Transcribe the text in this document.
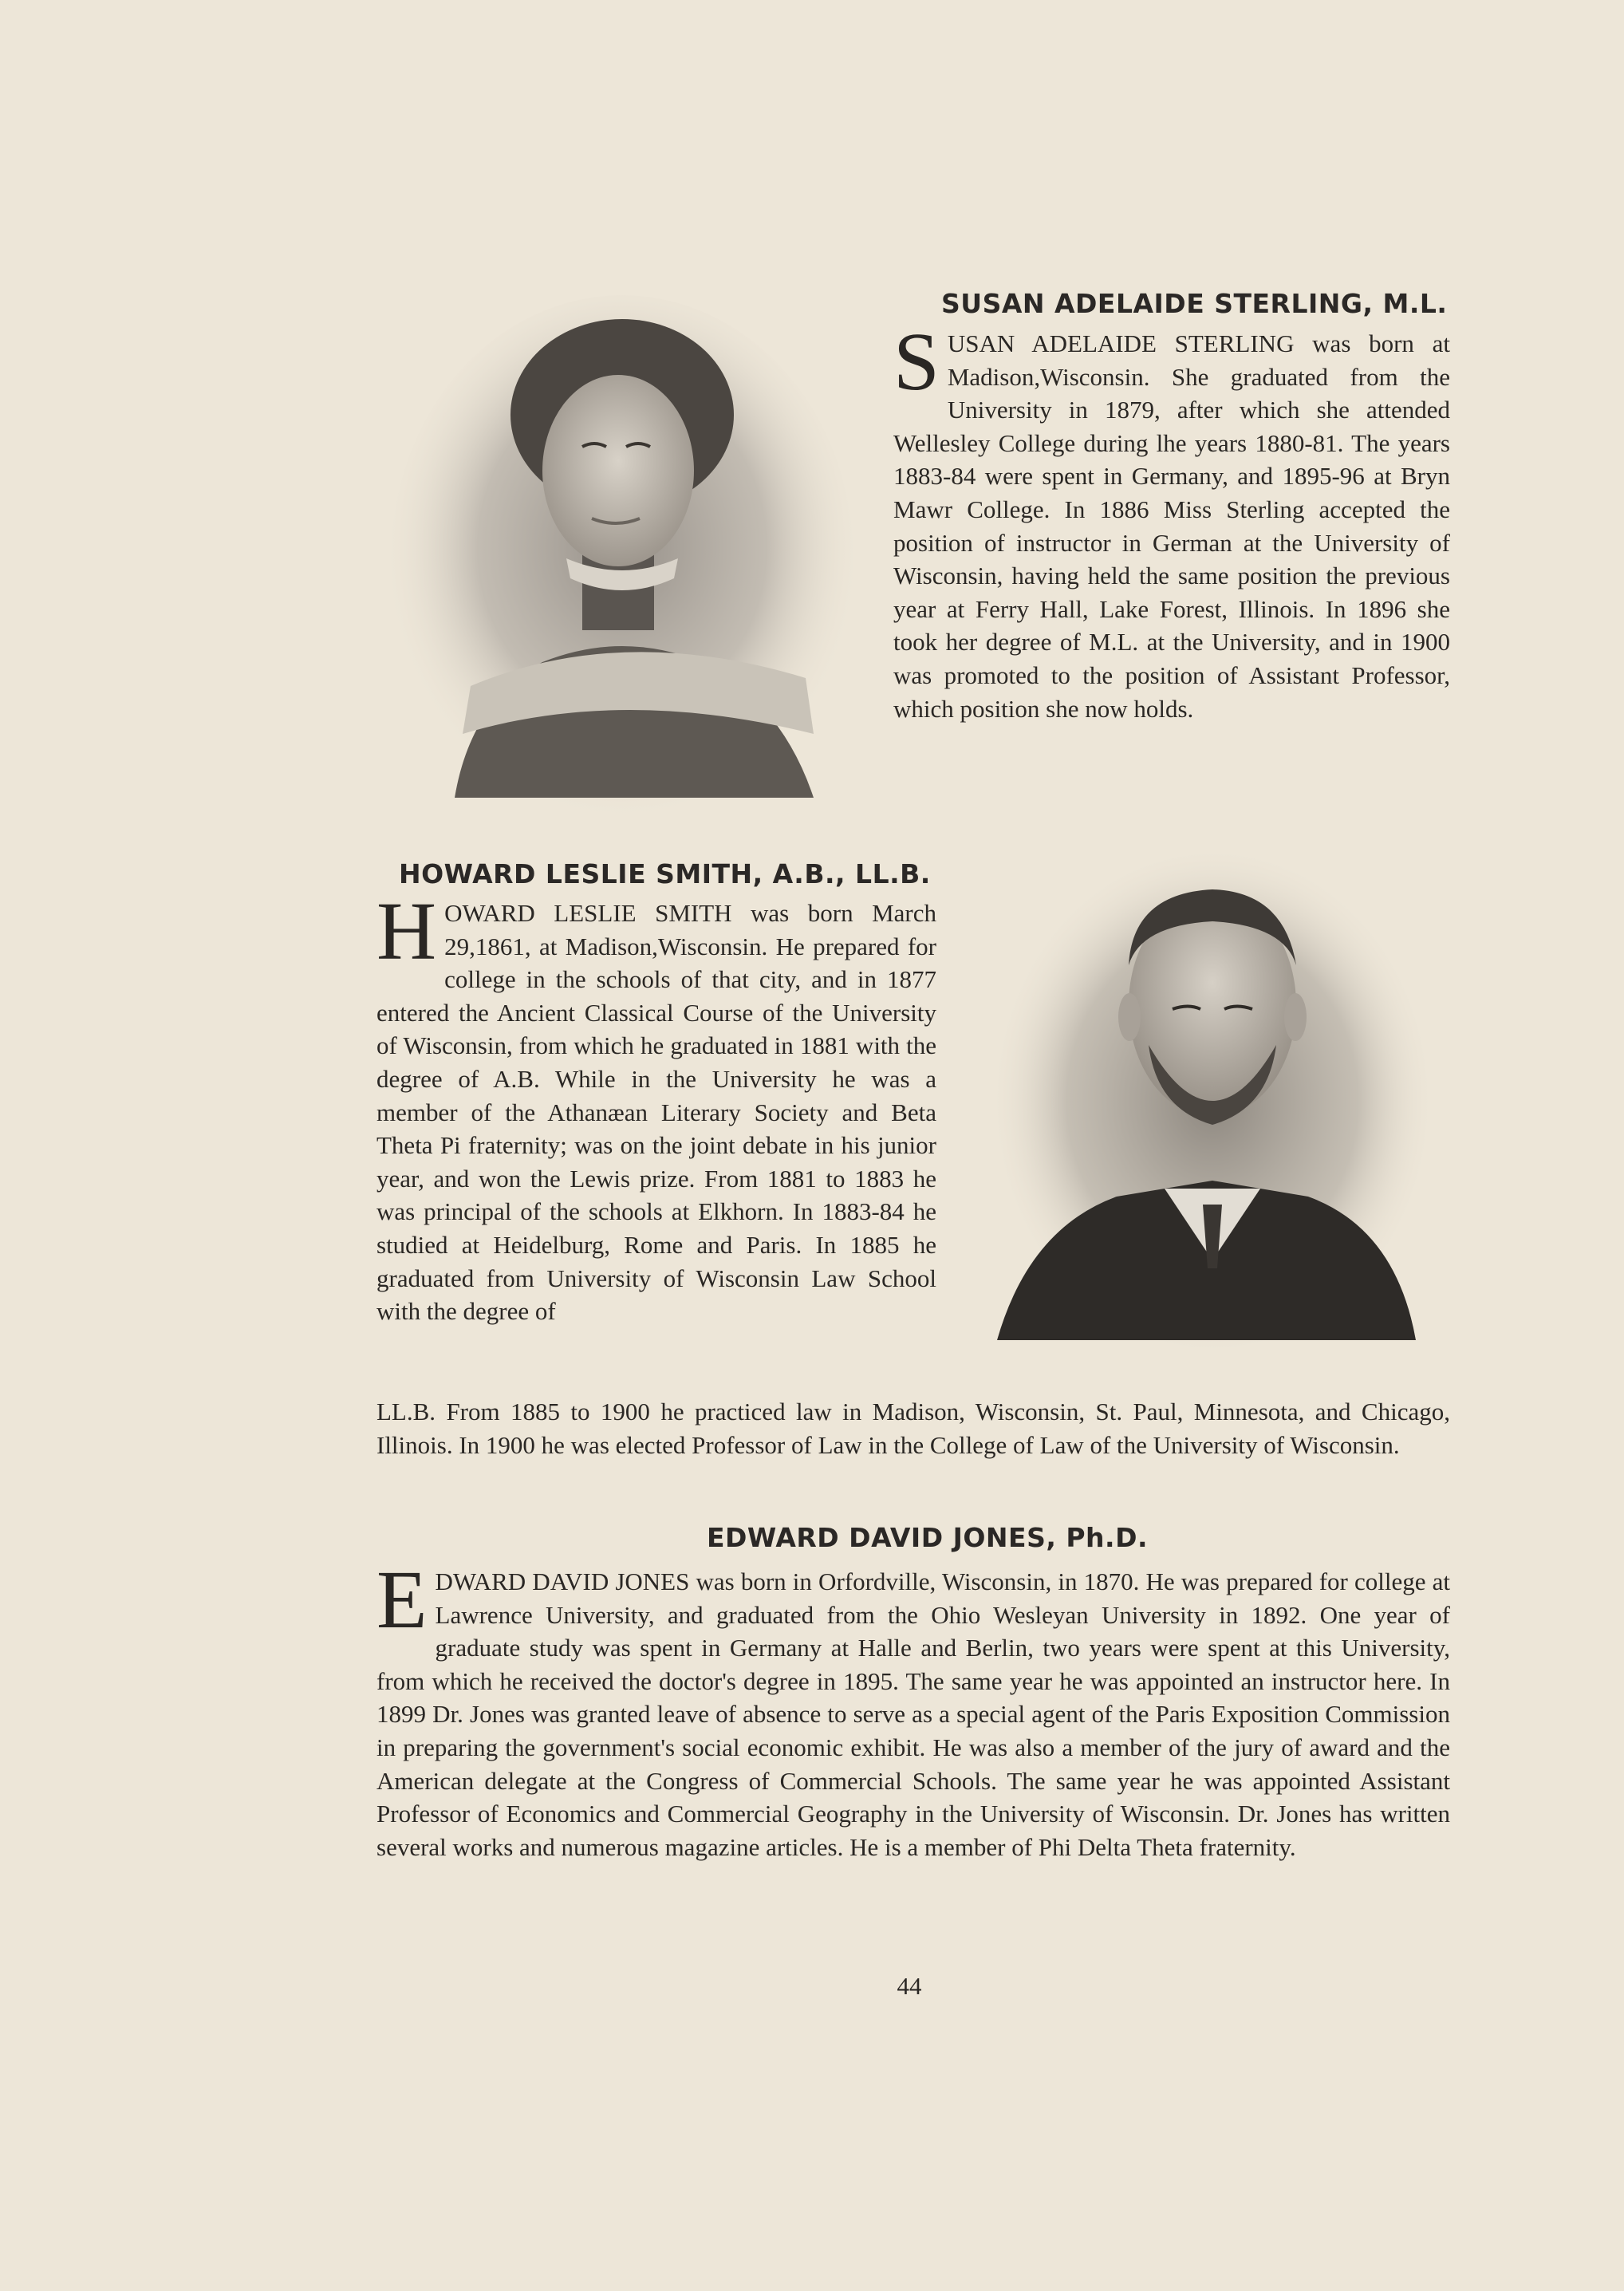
SUSAN ADELAIDE STERLING, M.L.

SUSAN ADELAIDE STERLING was born at Madison,Wisconsin. She graduated from the University in 1879, after which she attended Wellesley College during lhe years 1880-81. The years 1883-84 were spent in Germany, and 1895-96 at Bryn Mawr College. In 1886 Miss Sterling accepted the position of instructor in German at the University of Wisconsin, having held the same position the previous year at Ferry Hall, Lake Forest, Illinois. In 1896 she took her degree of M.L. at the University, and in 1900 was promoted to the position of Assistant Professor, which position she now holds.

HOWARD LESLIE SMITH, A.B., LL.B.

HOWARD LESLIE SMITH was born March 29,1861, at Madison,Wisconsin. He prepared for college in the schools of that city, and in 1877 entered the Ancient Classical Course of the University of Wisconsin, from which he graduated in 1881 with the degree of A.B. While in the University he was a member of the Athanæan Literary Society and Beta Theta Pi fraternity; was on the joint debate in his junior year, and won the Lewis prize. From 1881 to 1883 he was principal of the schools at Elkhorn. In 1883-84 he studied at Heidelburg, Rome and Paris. In 1885 he graduated from University of Wisconsin Law School with the degree of

LL.B. From 1885 to 1900 he practiced law in Madison, Wisconsin, St. Paul, Minnesota, and Chicago, Illinois. In 1900 he was elected Professor of Law in the College of Law of the University of Wisconsin.

EDWARD DAVID JONES, Ph.D.

EDWARD DAVID JONES was born in Orfordville, Wisconsin, in 1870. He was prepared for college at Lawrence University, and graduated from the Ohio Wesleyan University in 1892. One year of graduate study was spent in Germany at Halle and Berlin, two years were spent at this University, from which he received the doctor's degree in 1895. The same year he was appointed an instructor here. In 1899 Dr. Jones was granted leave of absence to serve as a special agent of the Paris Exposition Commission in preparing the government's social economic exhibit. He was also a member of the jury of award and the American delegate at the Congress of Commercial Schools. The same year he was appointed Assistant Professor of Economics and Commercial Geography in the University of Wisconsin. Dr. Jones has written several works and numerous magazine articles. He is a member of Phi Delta Theta fraternity.

44
